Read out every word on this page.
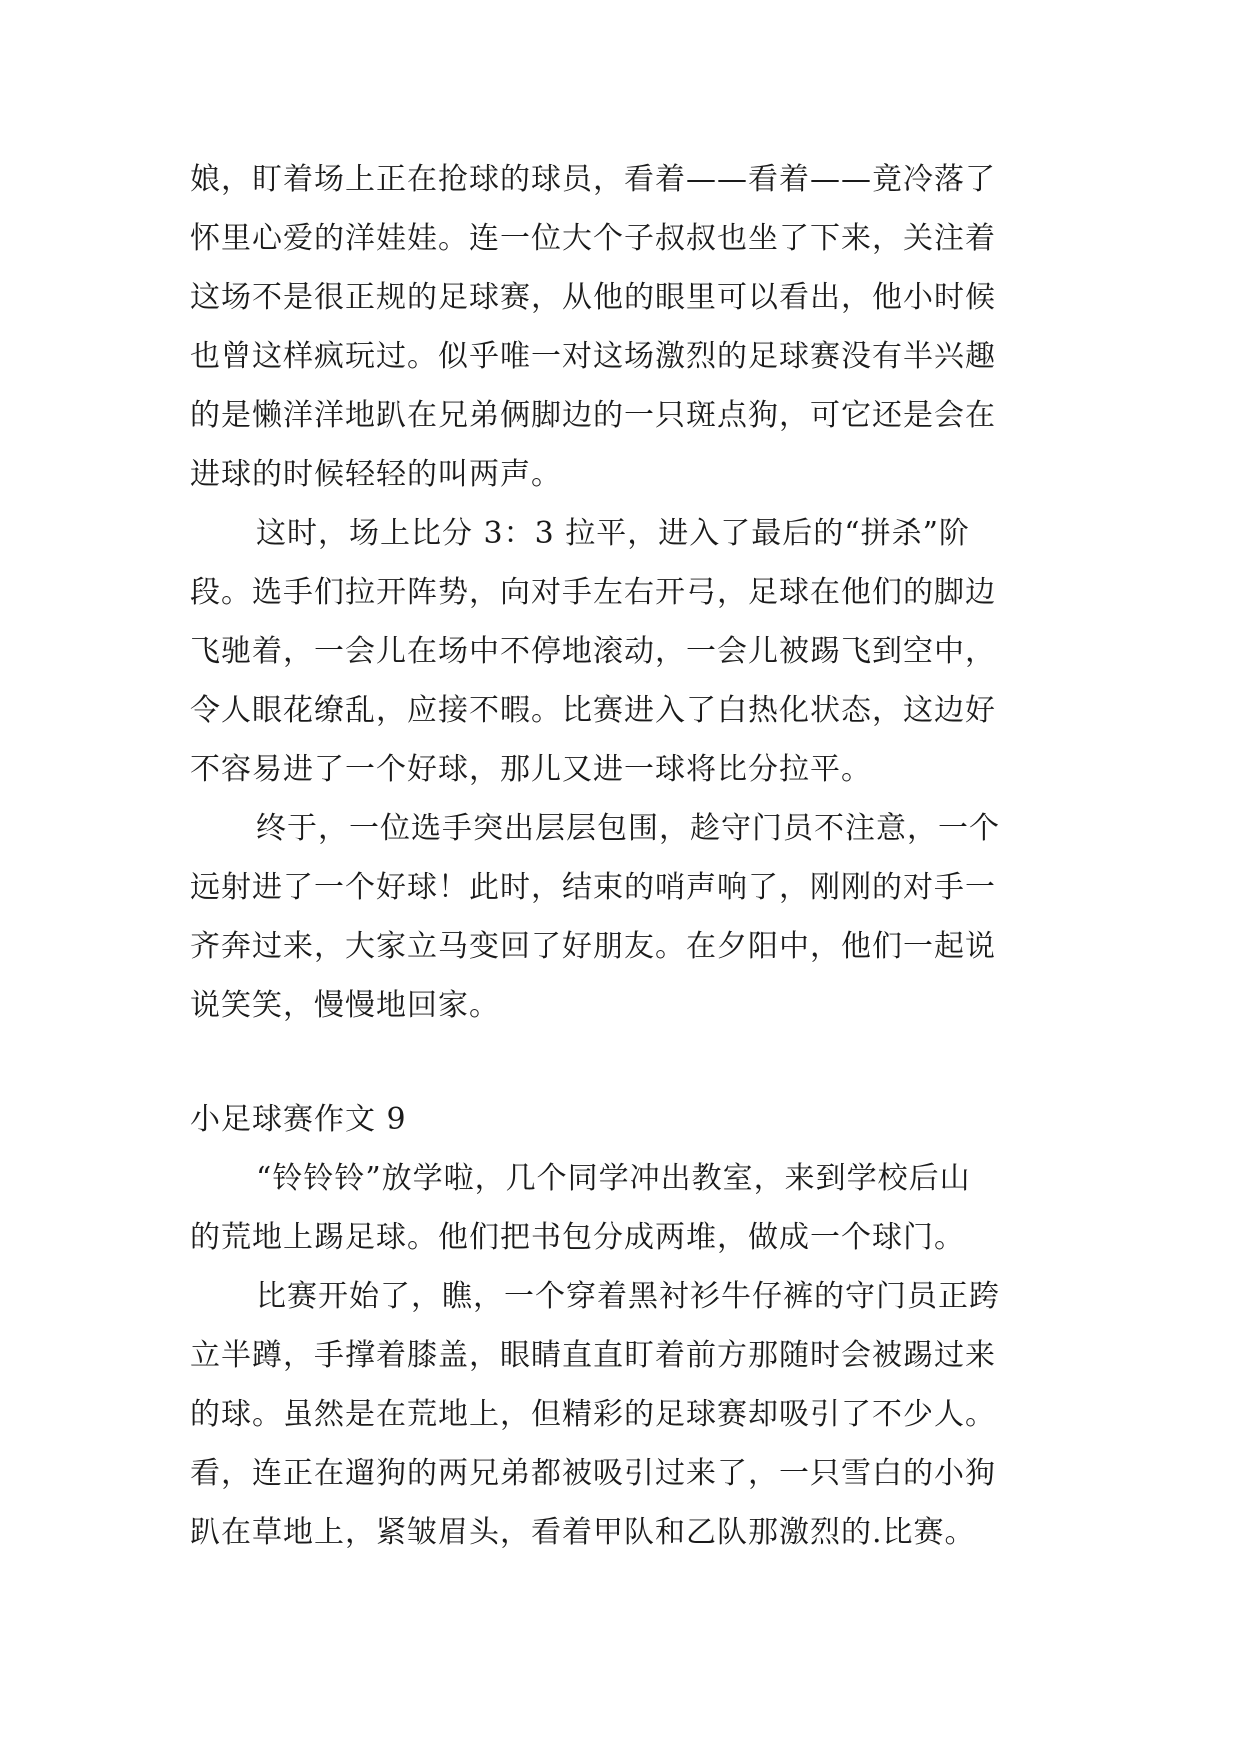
娘，盯着场上正在抢球的球员，看着——看着——竟冷落了
怀里心爱的洋娃娃。连一位大个子叔叔也坐了下来，关注着
这场不是很正规的足球赛，从他的眼里可以看出，他小时候
也曾这样疯玩过。似乎唯一对这场激烈的足球赛没有半兴趣
的是懒洋洋地趴在兄弟俩脚边的一只斑点狗，可它还是会在
进球的时候轻轻的叫两声。
这时，场上比分 3：3 拉平，进入了最后的“拼杀”阶
段。选手们拉开阵势，向对手左右开弓，足球在他们的脚边
飞驰着，一会儿在场中不停地滚动，一会儿被踢飞到空中，
令人眼花缭乱，应接不暇。比赛进入了白热化状态，这边好
不容易进了一个好球，那儿又进一球将比分拉平。
终于，一位选手突出层层包围，趁守门员不注意，一个
远射进了一个好球！此时，结束的哨声响了，刚刚的对手一
齐奔过来，大家立马变回了好朋友。在夕阳中，他们一起说
说笑笑，慢慢地回家。
小足球赛作文 9
“铃铃铃”放学啦，几个同学冲出教室，来到学校后山
的荒地上踢足球。他们把书包分成两堆，做成一个球门。
比赛开始了，瞧，一个穿着黑衬衫牛仔裤的守门员正跨
立半蹲，手撑着膝盖，眼睛直直盯着前方那随时会被踢过来
的球。虽然是在荒地上，但精彩的足球赛却吸引了不少人。
看，连正在遛狗的两兄弟都被吸引过来了，一只雪白的小狗
趴在草地上，紧皱眉头，看着甲队和乙队那激烈的.比赛。
